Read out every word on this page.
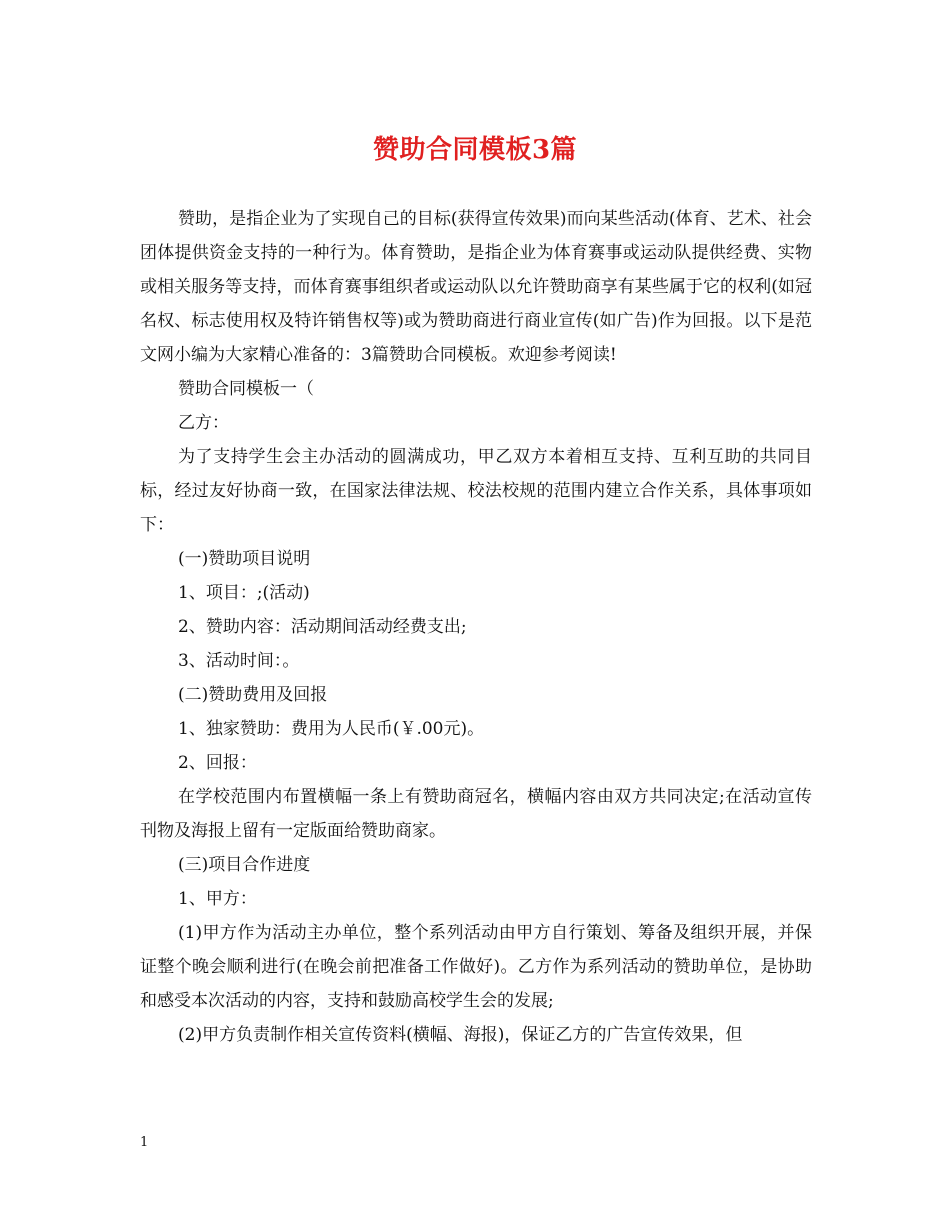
赞助合同模板3篇

赞助，是指企业为了实现自己的目标(获得宣传效果)而向某些活动(体育、艺术、社会团体提供资金支持的一种行为。体育赞助，是指企业为体育赛事或运动队提供经费、实物或相关服务等支持，而体育赛事组织者或运动队以允许赞助商享有某些属于它的权利(如冠名权、标志使用权及特许销售权等)或为赞助商进行商业宣传(如广告)作为回报。以下是范文网小编为大家精心准备的：3篇赞助合同模板。欢迎参考阅读!

赞助合同模板一（

乙方：

为了支持学生会主办活动的圆满成功，甲乙双方本着相互支持、互利互助的共同目标，经过友好协商一致，在国家法律法规、校法校规的范围内建立合作关系，具体事项如下：

(一)赞助项目说明

1、项目：;(活动)

2、赞助内容：活动期间活动经费支出;

3、活动时间：。

(二)赞助费用及回报

1、独家赞助：费用为人民币(￥.00元)。

2、回报：

在学校范围内布置横幅一条上有赞助商冠名，横幅内容由双方共同决定;在活动宣传刊物及海报上留有一定版面给赞助商家。

(三)项目合作进度

1、甲方：

(1)甲方作为活动主办单位，整个系列活动由甲方自行策划、筹备及组织开展，并保证整个晚会顺利进行(在晚会前把准备工作做好)。乙方作为系列活动的赞助单位，是协助和感受本次活动的内容，支持和鼓励高校学生会的发展;

(2)甲方负责制作相关宣传资料(横幅、海报)，保证乙方的广告宣传效果，但

1
